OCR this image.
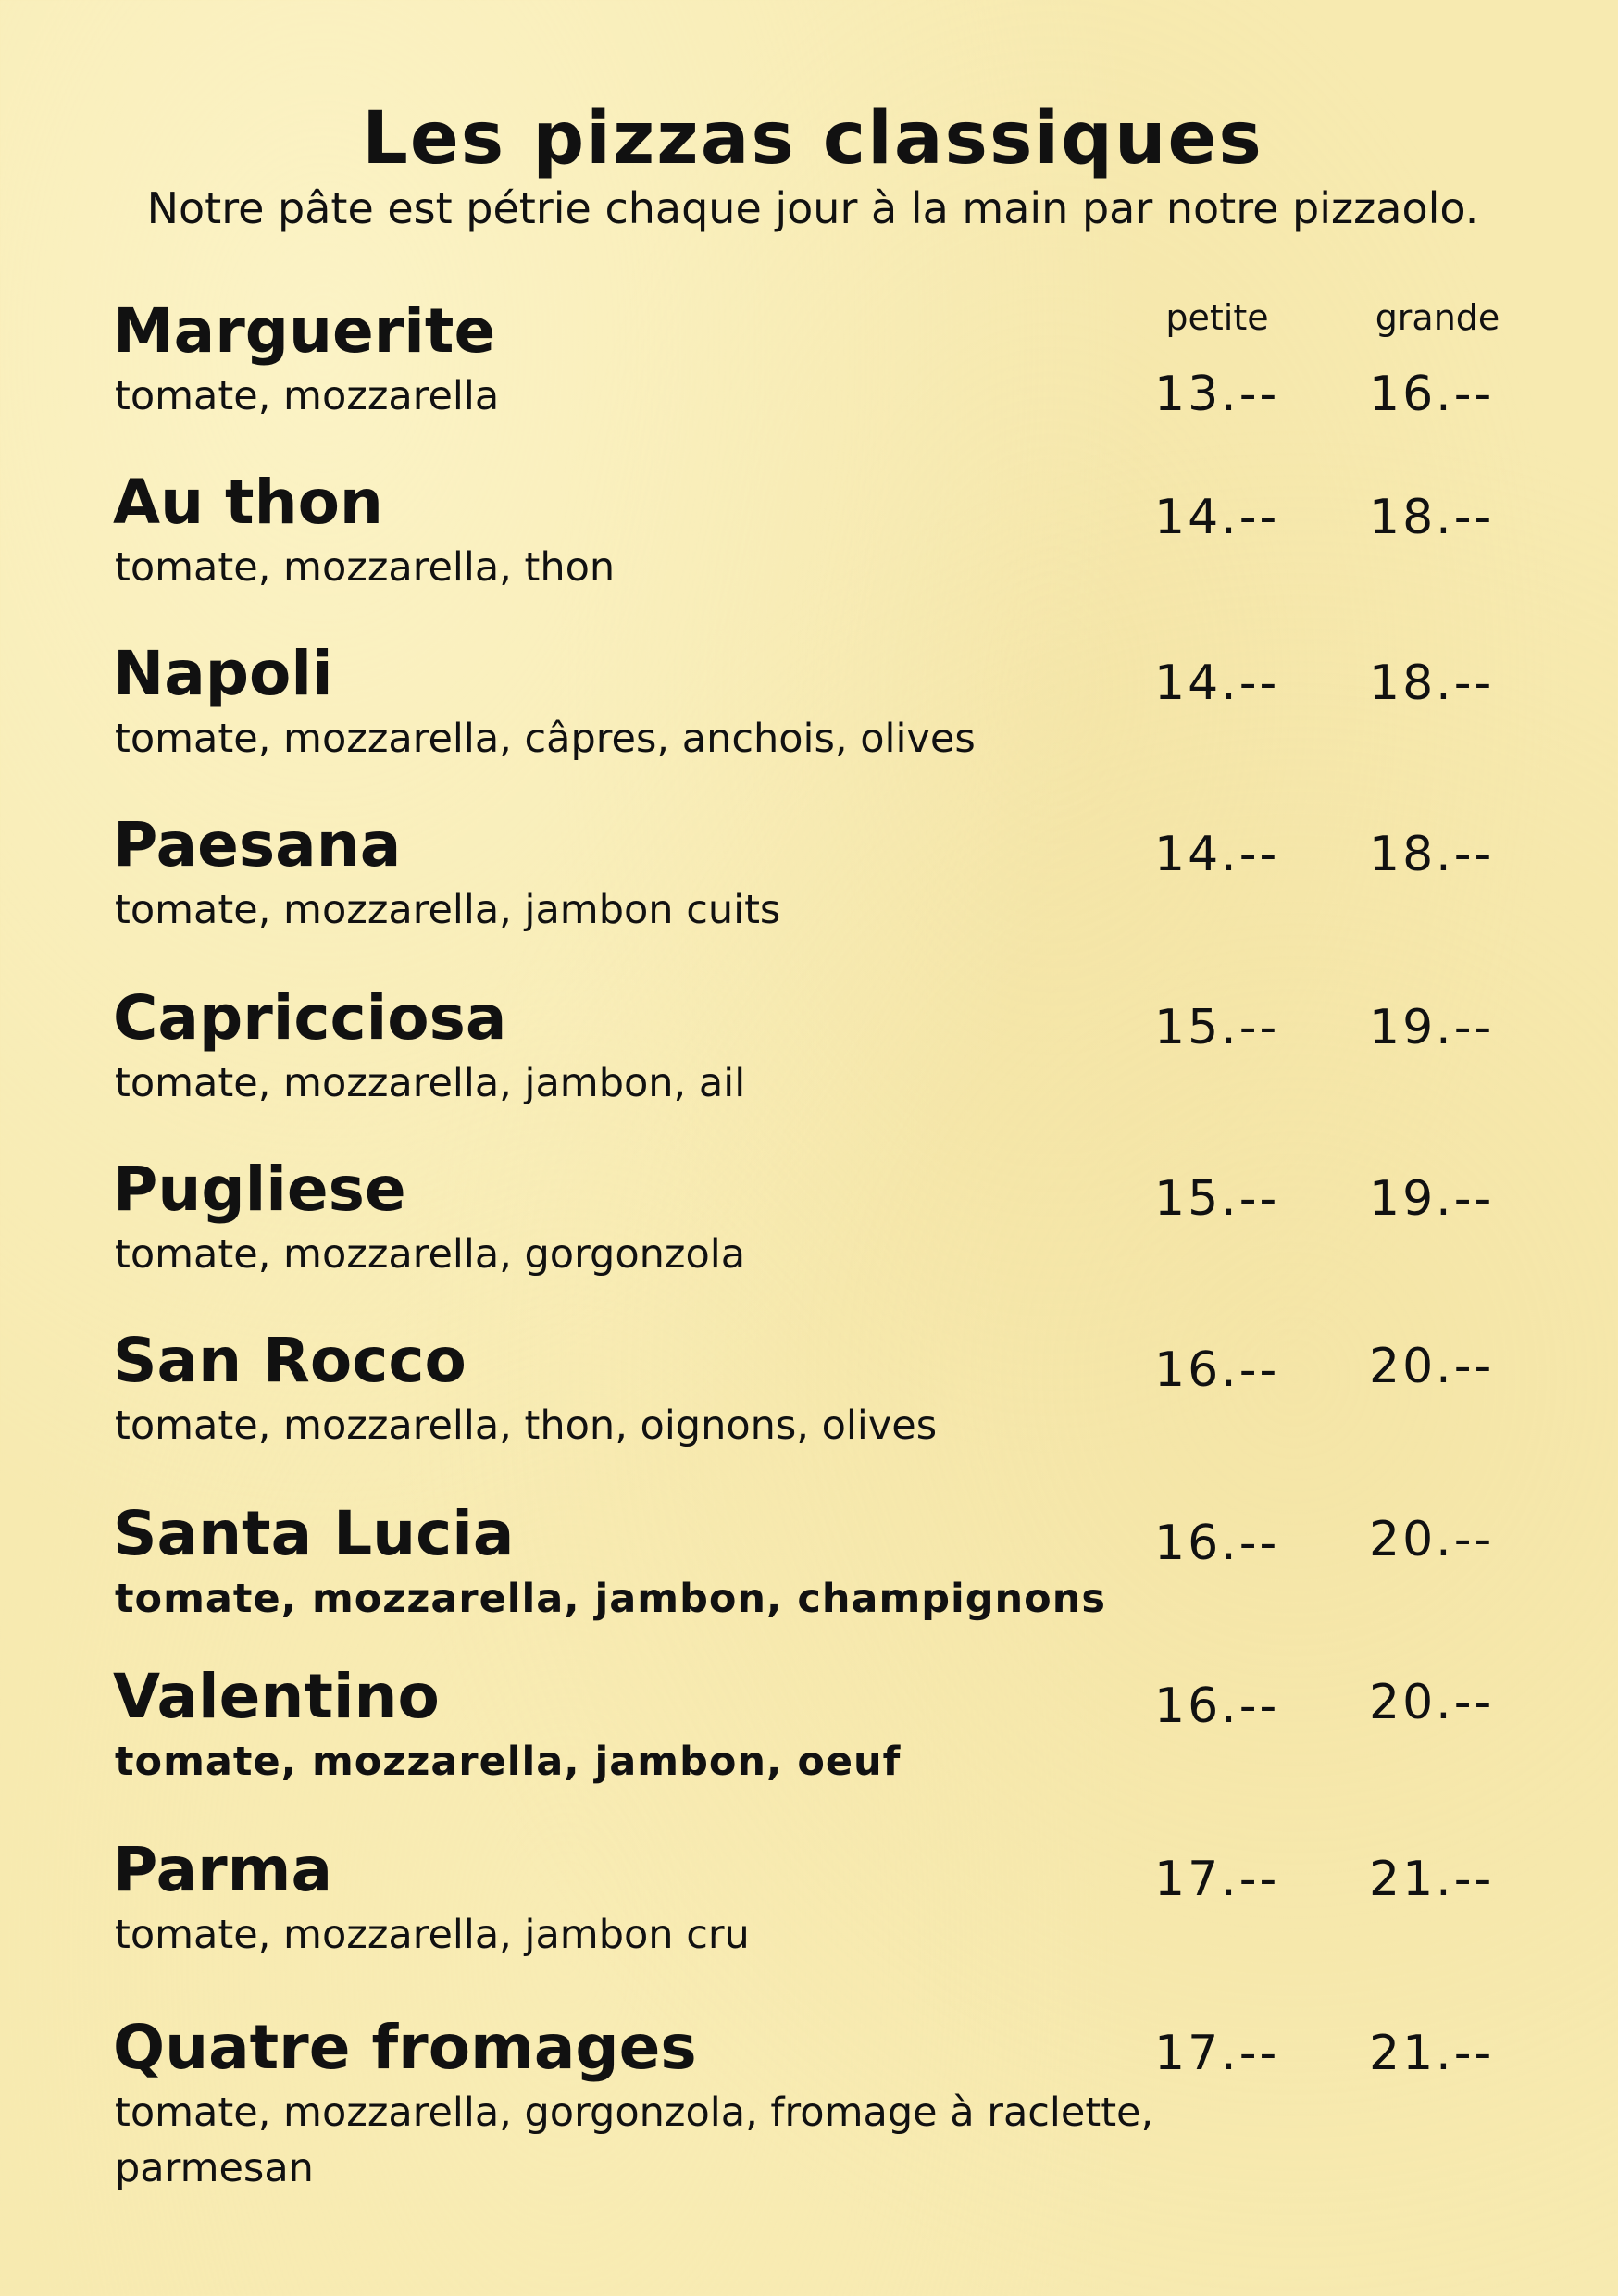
Les pizzas classiques
Notre pâte est pétrie chaque jour à la main par notre pizzaolo.
petite	grande
Marguerite
tomate, mozzarella	13.-- 16.--
Au thon
tomate, mozzarella, thon
14.-- 18.--
Napoli
tomate, mozzarella, câpres, anchois, olives
14.-- 18.--
Paesana
tomate, mozzarella, jambon cuits
14.-- 18.--
Capricciosa
tomate, mozzarella, jambon, ail
15.-- 19.--
Pugliese
tomate, mozzarella, gorgonzola
15.-- 19.--
San Rocco
tomate, mozzarella, thon, oignons, olives
16.-- 20.--
Santa Lucia
tomate, mozzarella, jambon, champignons
16.-- 20.--
Valentino
tomate, mozzarella, jambon, oeuf
16.-- 20.--
Parma
tomate, mozzarella, jambon cru
17.-- 21.--
Quatre fromages
tomate, mozzarella, gorgonzola, fromage à raclette, parmesan
17.-- 21.--
